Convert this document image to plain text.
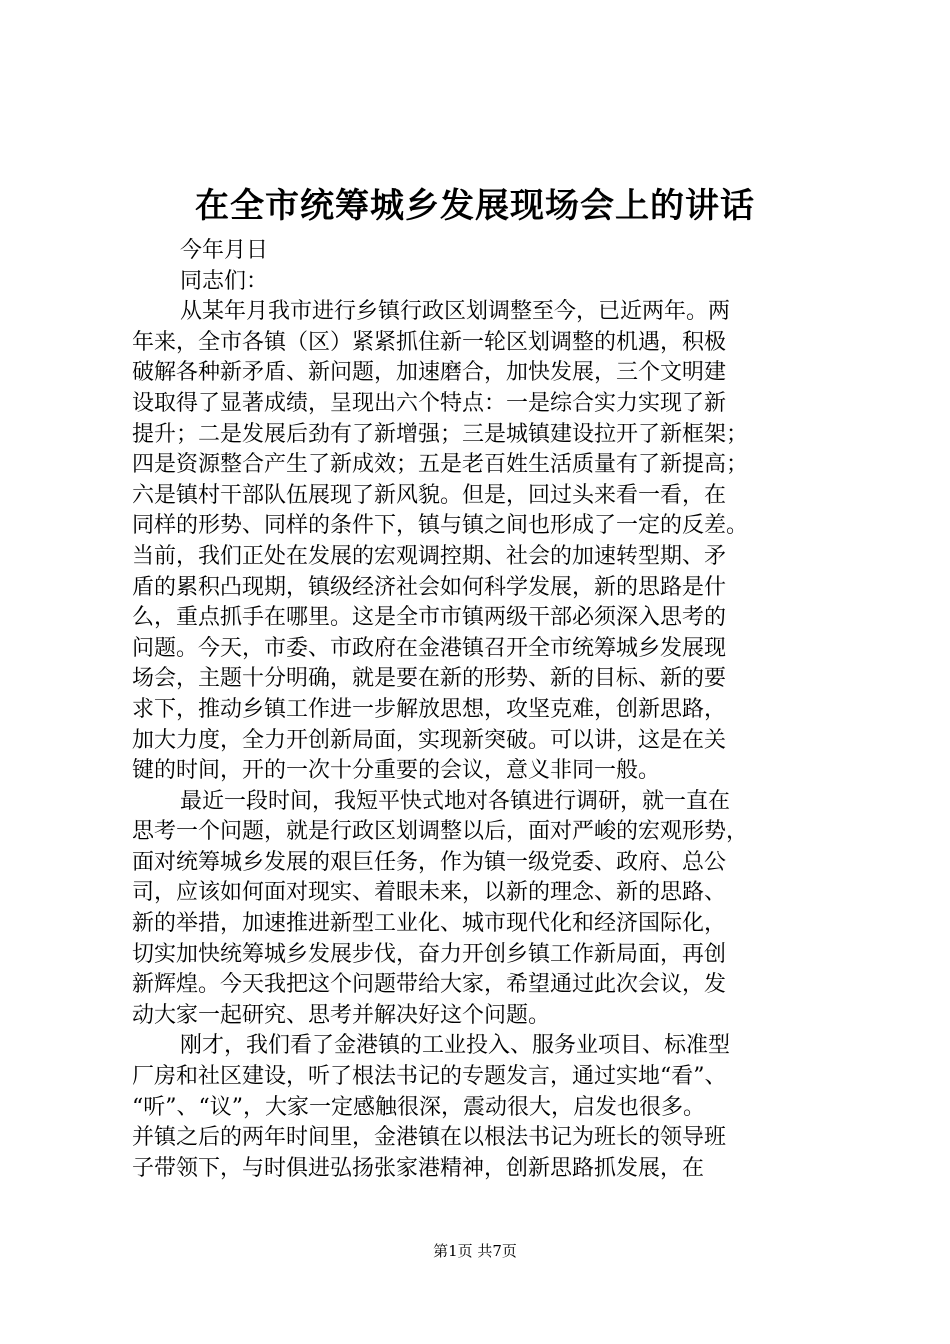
在全市统筹城乡发展现场会上的讲话
今年月日
同志们：
从某年月我市进行乡镇行政区划调整至今，已近两年。两
年来，全市各镇（区）紧紧抓住新一轮区划调整的机遇，积极
破解各种新矛盾、新问题，加速磨合，加快发展，三个文明建
设取得了显著成绩，呈现出六个特点：一是综合实力实现了新
提升；二是发展后劲有了新增强；三是城镇建设拉开了新框架；
四是资源整合产生了新成效；五是老百姓生活质量有了新提高；
六是镇村干部队伍展现了新风貌。但是，回过头来看一看，在
同样的形势、同样的条件下，镇与镇之间也形成了一定的反差。
当前，我们正处在发展的宏观调控期、社会的加速转型期、矛
盾的累积凸现期，镇级经济社会如何科学发展，新的思路是什
么，重点抓手在哪里。这是全市市镇两级干部必须深入思考的
问题。今天，市委、市政府在金港镇召开全市统筹城乡发展现
场会，主题十分明确，就是要在新的形势、新的目标、新的要
求下，推动乡镇工作进一步解放思想，攻坚克难，创新思路，
加大力度，全力开创新局面，实现新突破。可以讲，这是在关
键的时间，开的一次十分重要的会议，意义非同一般。
最近一段时间，我短平快式地对各镇进行调研，就一直在
思考一个问题，就是行政区划调整以后，面对严峻的宏观形势，
面对统筹城乡发展的艰巨任务，作为镇一级党委、政府、总公
司，应该如何面对现实、着眼未来，以新的理念、新的思路、
新的举措，加速推进新型工业化、城市现代化和经济国际化，
切实加快统筹城乡发展步伐，奋力开创乡镇工作新局面，再创
新辉煌。今天我把这个问题带给大家，希望通过此次会议，发
动大家一起研究、思考并解决好这个问题。
刚才，我们看了金港镇的工业投入、服务业项目、标准型
厂房和社区建设，听了根法书记的专题发言，通过实地“看”、
“听”、“议”，大家一定感触很深，震动很大，启发也很多。
并镇之后的两年时间里，金港镇在以根法书记为班长的领导班
子带领下，与时俱进弘扬张家港精神，创新思路抓发展，在
第1页 共7页
